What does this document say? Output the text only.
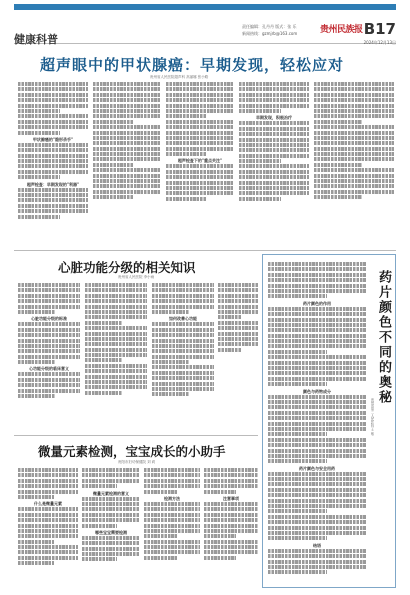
健康科普
责任编辑：孔丹丹 版式：张 乐
新闻热线：gzmjrb@163.com	贵州民族报 B17
2024年12月13日
超声眼中的甲状腺癌：早期发现，轻松应对
贵州省人民医院超声科 高丽娜 张小路
甲状腺癌的"隐形杀手"
超声检查：早期发现的"利器"
超声检查下的"重点关注"
早期发现，积极治疗
心脏功能分级的相关知识
贵州省人民医院 李小雨
心脏功能分级的标准
心功能分级的临床意义
如何改善心功能	药片颜色不同的奥秘
贵州省第二人民医院 王 敏
药片颜色的作用
颜色与药物成分
药片颜色与安全用药
结语
微量元素检测，宝宝成长的小助手
贵阳市妇幼保健院 刘 莉
什么是微量元素
微量元素检测的意义
哪些宝宝需要检测
检测方法	注意事项
